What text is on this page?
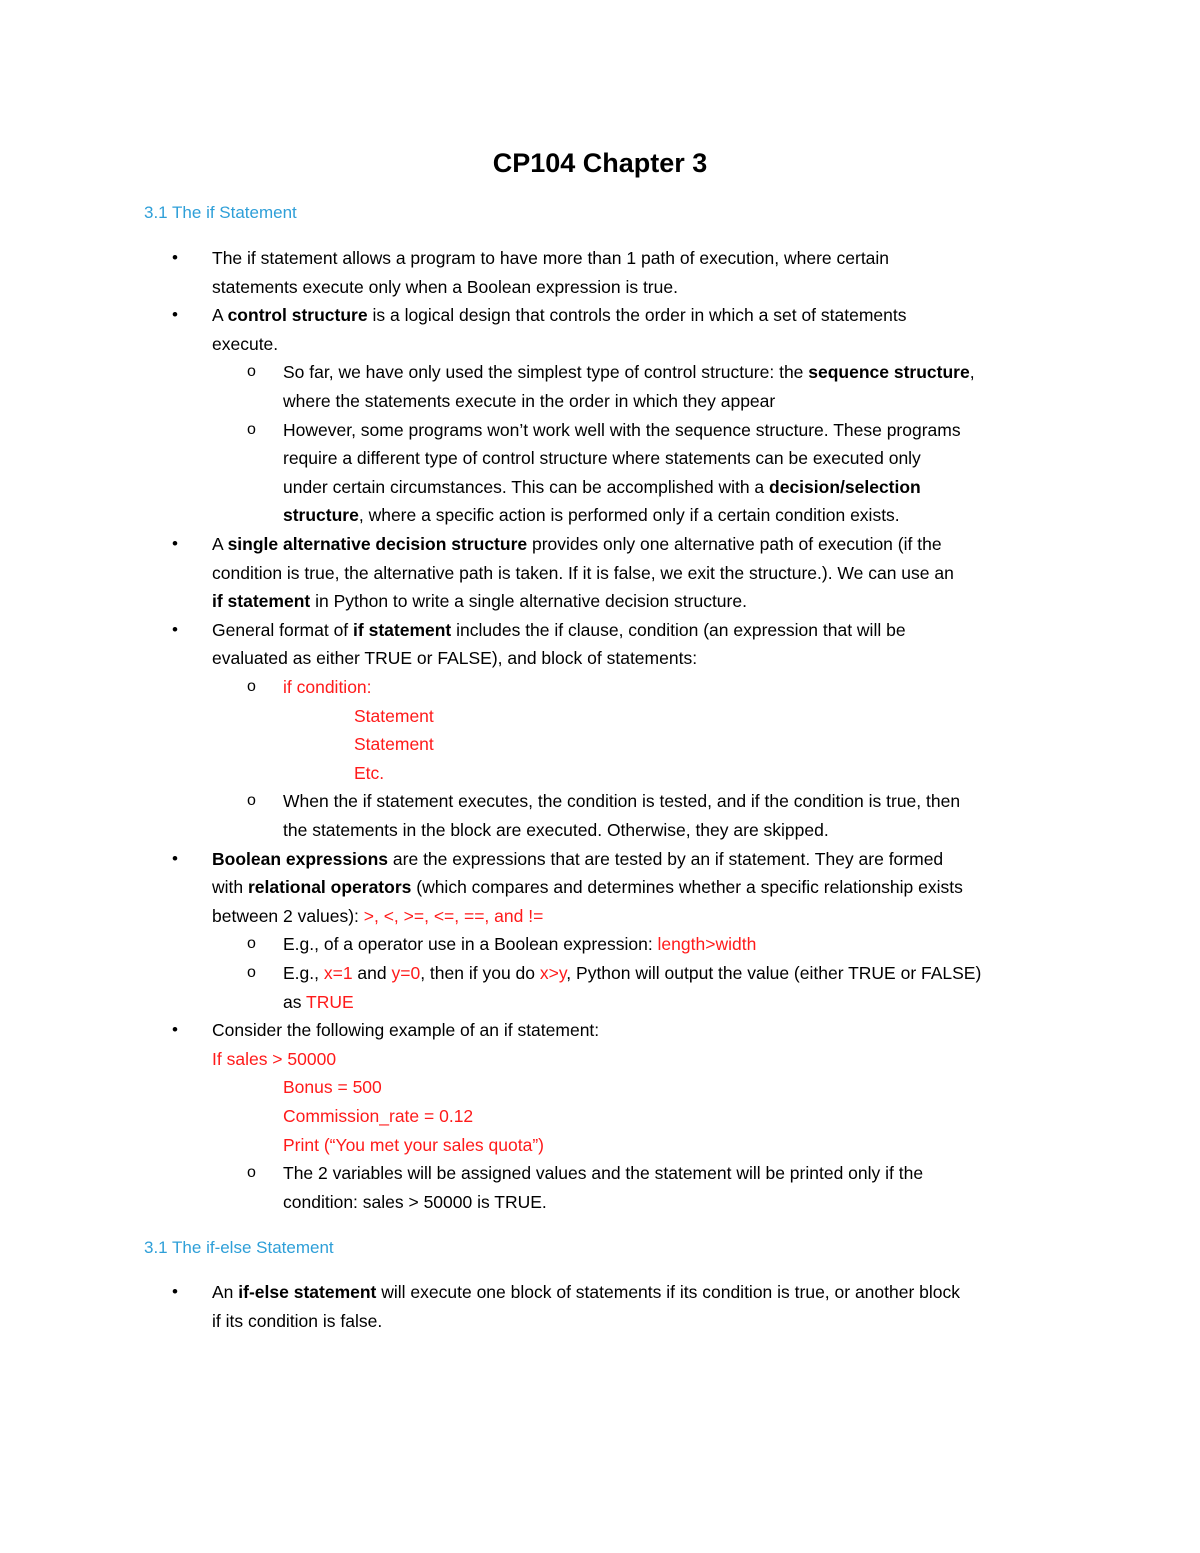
CP104 Chapter 3
3.1 The if Statement
• The if statement allows a program to have more than 1 path of execution, where certain
statements execute only when a Boolean expression is true.
• A control structure is a logical design that controls the order in which a set of statements
execute.
o So far, we have only used the simplest type of control structure: the sequence structure,
where the statements execute in the order in which they appear
o However, some programs won’t work well with the sequence structure. These programs
require a different type of control structure where statements can be executed only
under certain circumstances. This can be accomplished with a decision/selection
structure, where a specific action is performed only if a certain condition exists.
• A single alternative decision structure provides only one alternative path of execution (if the
condition is true, the alternative path is taken. If it is false, we exit the structure.). We can use an
if statement in Python to write a single alternative decision structure.
• General format of if statement includes the if clause, condition (an expression that will be
evaluated as either TRUE or FALSE), and block of statements:
o if condition:
Statement
Statement
Etc.
o When the if statement executes, the condition is tested, and if the condition is true, then
the statements in the block are executed. Otherwise, they are skipped.
• Boolean expressions are the expressions that are tested by an if statement. They are formed
with relational operators (which compares and determines whether a specific relationship exists
between 2 values): >, <, >=, <=, ==, and !=
o E.g., of a operator use in a Boolean expression: length>width
o E.g., x=1 and y=0, then if you do x>y, Python will output the value (either TRUE or FALSE)
as TRUE
• Consider the following example of an if statement:
If sales > 50000
Bonus = 500
Commission_rate = 0.12
Print (“You met your sales quota”)
o The 2 variables will be assigned values and the statement will be printed only if the
condition: sales > 50000 is TRUE.
3.1 The if-else Statement
• An if-else statement will execute one block of statements if its condition is true, or another block
if its condition is false.
